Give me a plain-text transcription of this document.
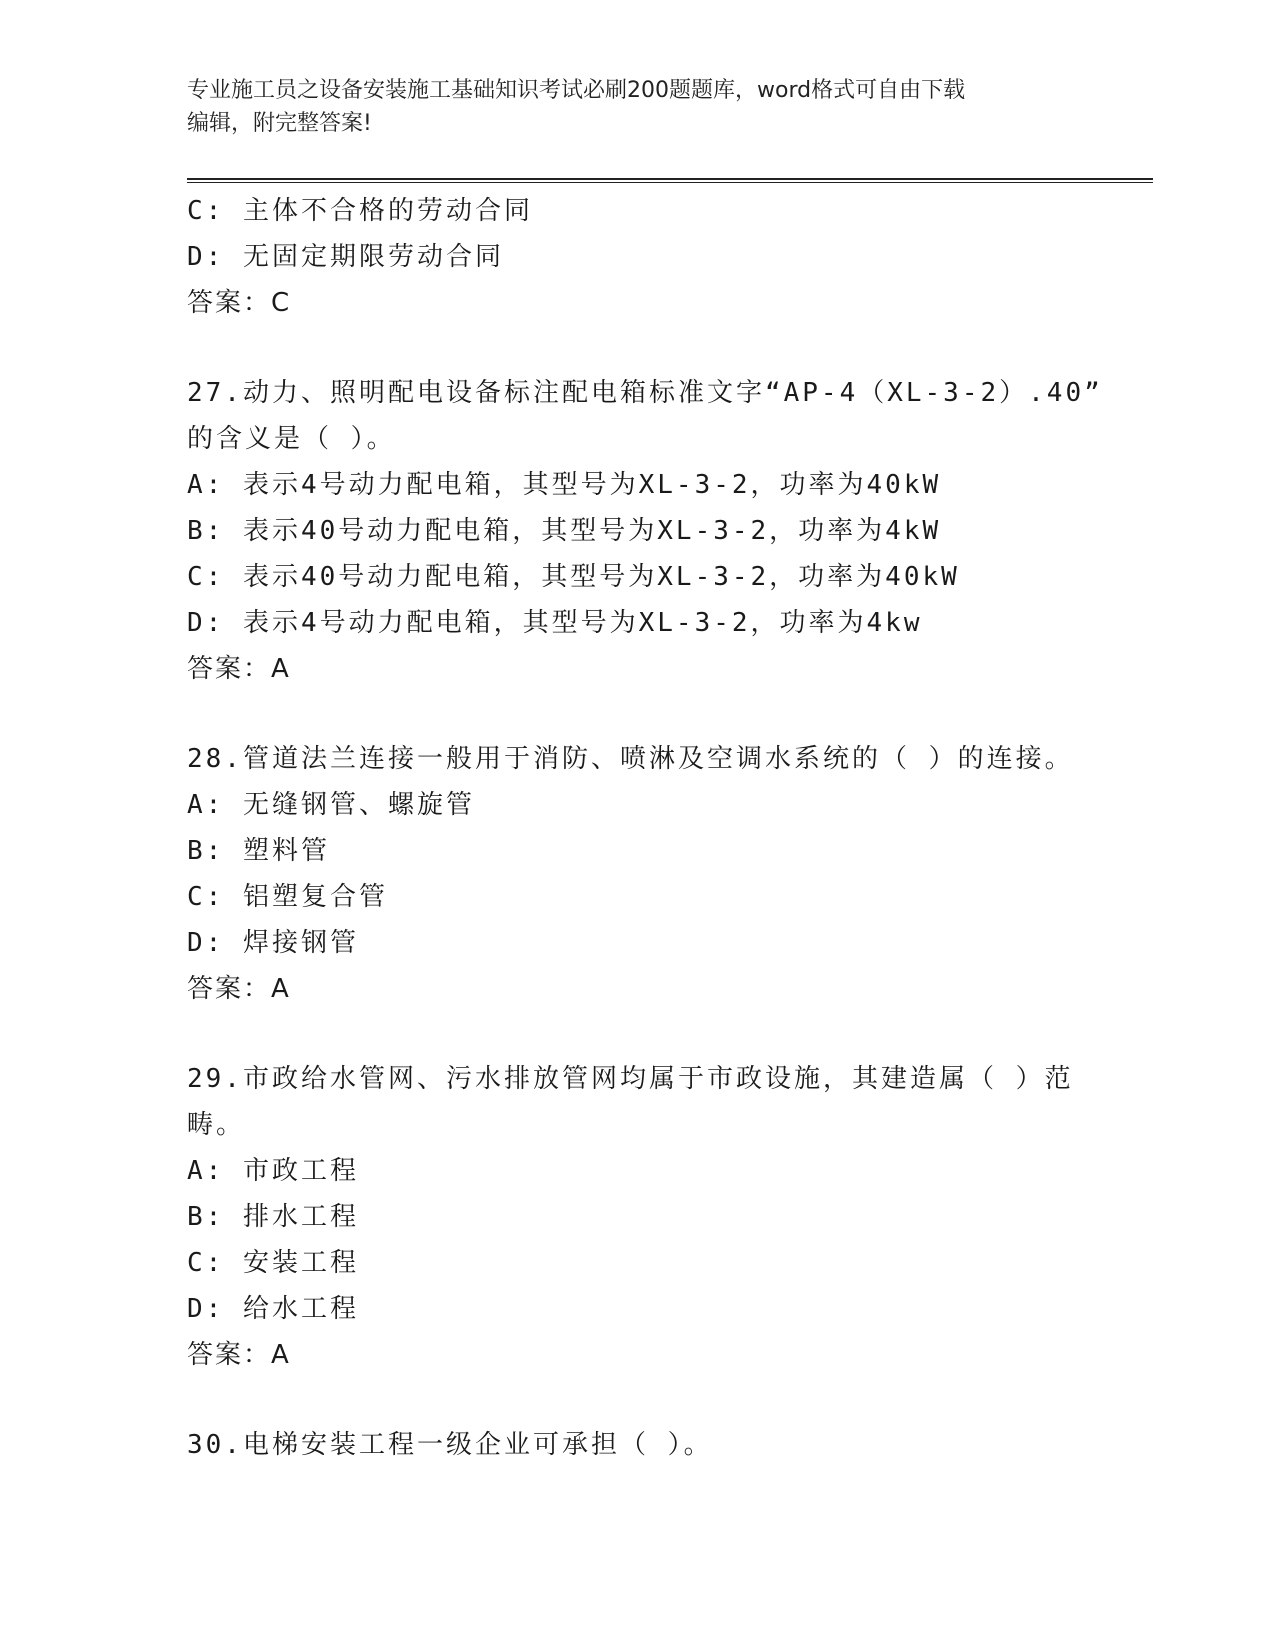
专业施工员之设备安装施工基础知识考试必刷200题题库，word格式可自由下载
编辑，附完整答案!
C: 主体不合格的劳动合同
D: 无固定期限劳动合同
答案：C
27.动力、照明配电设备标注配电箱标准文字“AP-4（XL-3-2）.40”
的含义是（ ）。
A: 表示4号动力配电箱，其型号为XL-3-2，功率为40kW
B: 表示40号动力配电箱，其型号为XL-3-2，功率为4kW
C: 表示40号动力配电箱，其型号为XL-3-2，功率为40kW
D: 表示4号动力配电箱，其型号为XL-3-2，功率为4kw
答案：A
28.管道法兰连接一般用于消防、喷淋及空调水系统的（ ）的连接。
A: 无缝钢管、螺旋管
B: 塑料管
C: 铝塑复合管
D: 焊接钢管
答案：A
29.市政给水管网、污水排放管网均属于市政设施，其建造属（ ）范
畴。
A: 市政工程
B: 排水工程
C: 安装工程
D: 给水工程
答案：A
30.电梯安装工程一级企业可承担（ ）。
